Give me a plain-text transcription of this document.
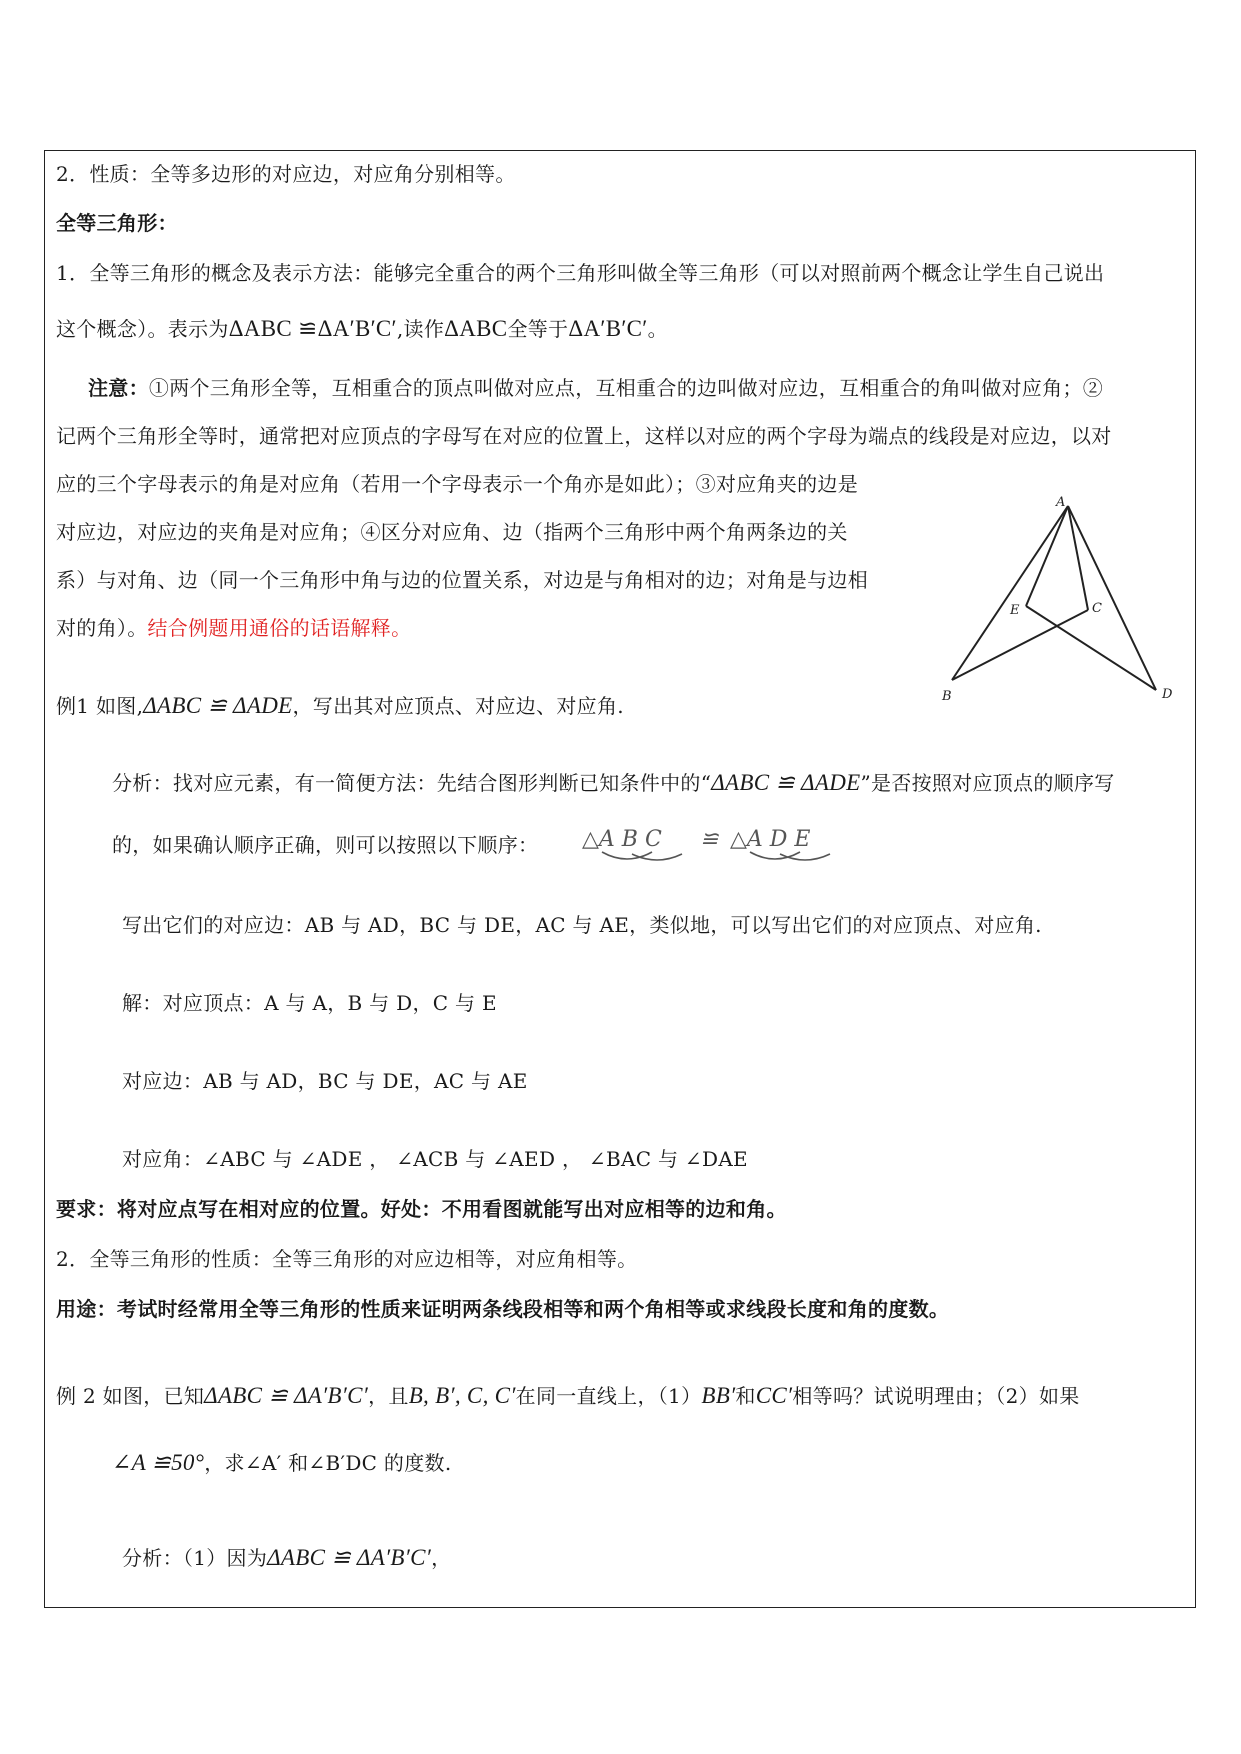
2．性质：全等多边形的对应边，对应角分别相等。
全等三角形：
1．全等三角形的概念及表示方法：能够完全重合的两个三角形叫做全等三角形（可以对照前两个概念让学生自己说出
这个概念）。表示为ΔABC ≌ΔA′B′C′,读作ΔABC全等于ΔA′B′C′。
注意：①两个三角形全等，互相重合的顶点叫做对应点，互相重合的边叫做对应边，互相重合的角叫做对应角；②
记两个三角形全等时，通常把对应顶点的字母写在对应的位置上，这样以对应的两个字母为端点的线段是对应边，以对
应的三个字母表示的角是对应角（若用一个字母表示一个角亦是如此）；③对应角夹的边是
对应边，对应边的夹角是对应角；④区分对应角、边（指两个三角形中两个角两条边的关
系）与对角、边（同一个三角形中角与边的位置关系，对边是与角相对的边；对角是与边相
对的角）。结合例题用通俗的话语解释。
A
B
C
D
E
例1 如图,ΔABC ≌ ΔADE，写出其对应顶点、对应边、对应角.
分析：找对应元素，有一简便方法：先结合图形判断已知条件中的“ΔABC ≌ ΔADE”是否按照对应顶点的顺序写
的，如果确认顺序正确，则可以按照以下顺序： △A B C ≌ △A D E
写出它们的对应边：AB 与 AD，BC 与 DE，AC 与 AE，类似地，可以写出它们的对应顶点、对应角.
解：对应顶点：A 与 A，B 与 D，C 与 E
对应边：AB 与 AD，BC 与 DE，AC 与 AE
对应角：∠ABC 与 ∠ADE ， ∠ACB 与 ∠AED ， ∠BAC 与 ∠DAE
要求：将对应点写在相对应的位置。好处：不用看图就能写出对应相等的边和角。
2．全等三角形的性质：全等三角形的对应边相等，对应角相等。
用途：考试时经常用全等三角形的性质来证明两条线段相等和两个角相等或求线段长度和角的度数。
例 2 如图，已知ΔABC ≌ ΔA′B′C′，且B, B′, C, C′在同一直线上，（1）BB′和CC′相等吗？试说明理由；（2）如果
∠A ≌50°，求∠A′ 和∠B′DC 的度数.
分析：（1）因为ΔABC ≌ ΔA′B′C′，
